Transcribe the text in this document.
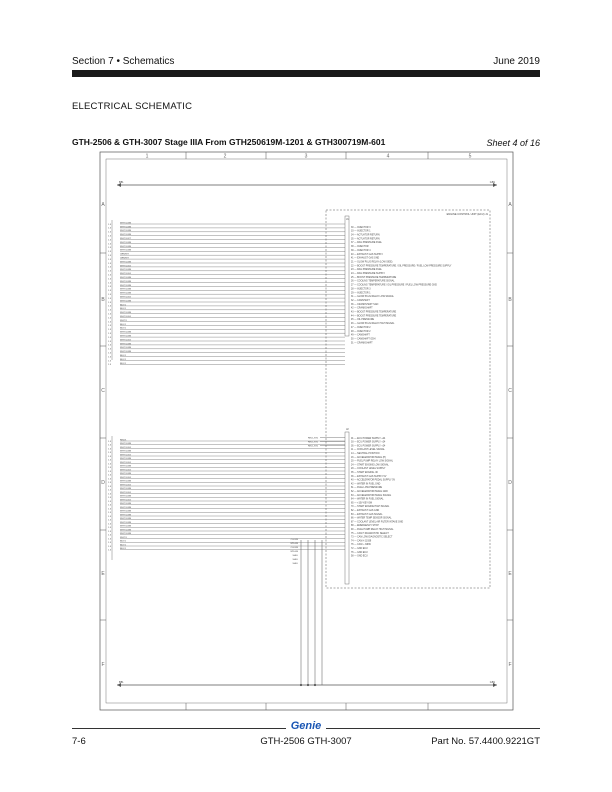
Section 7 • Schematics	June 2019
ELECTRICAL SCHEMATIC
GTH-2506 & GTH-3007 Stage IIIA From GTH250619M-1201 & GTH300719M-601	Sheet 4 of 16
1	2	3	4	5
A	A
B	B
C	C
D	D
E	E
F	F
B81	GB1
B81	GB1
ENGINE CONTROL UNIT (ECU) J1
J1
J2
1.5
WHT/1-WB
1.5
WHT/1-WB
1.5
WHT/1-WB
1.5
WHT/1-WB
1.5
WHT/1-WT
1.5
WHT/1-WB
1.5
WHT/1-WB
1.5
WHT/1-WB
1.5
GRN/WT
1.5
GRN/WT
1.5
WHT/1-WB
1.5
WHT/1-W4
1.5
WHT/1-WB
1.5
WHT/1-W4
1.5
WHT/1-WB
1.5
WHT/1-WB
1.5
WHT/1-WB
1.5
WHT/1-WB
1.5
WHT/1-WB
1.5
WHT/1-W4
1.5
WHT/1-WB
1.5
BLK/1
1.5
BLK/1
1.5
WHT/1-WB
1.5
WHT/1-W4
1.5
WHT/1
1.5
BLK/1
1.5
BLK/1
1.5
WHT/1-WB
1.5
WHT/1-WB
1.5
WHT/1-W4
1.5
WHT/1-WB
1.5
WHT/1-WB
1.5
WHT/1-WB
1.5
BLK/1
1.5
BLK/1
1.5
BLK/1
30 — INJECTOR 3
33 — INJECTOR 1
34 — ACTUATOR RETURN
35 — ACTUATOR RETURN
37 — RAIL PRESSURE FUEL
38 — INJECTOR
39 — INJECTOR 4
40 — EXHAUST GAS SUPPLY
41 — EXHAUST GAS GND
21 — GLOW PLUG RELAY (LOW SIDE)
22 — BOOST PRESSURE TEMPERATURE / OIL PRESSURE / FUEL LOW PRESSURE SUPPLY
23 — RAIL PRESSURE FUEL
24 — RAIL PRESSURE SUPPLY
25 — BOOST PRESSURE TEMPERATURE
26 — COOLING TEMPERATURE SIGNAL
27 — COOLING TEMPERATURE / OIL PRESSURE / FUEL LOW PRESSURE GND
28 — INJECTOR 3
29 — INJECTOR 1
31 — GLOW PLUG RELAY LOW SIGNAL
32 — CAMSHAFT
36 — CRANKSHAFT SGN
42 — CRANKSHAFT
43 — BOOST PRESSURE TEMPERATURE
44 — BOOST PRESSURE TEMPERATURE
45 — OIL PRESSURE
46 — GLOW PLUG RELAY HIGH SIGNAL
47 — INJECTOR 2
48 — INJECTOR 2
49 — CAMSHAFT
50 — CAMSHAFT GDH
51 — CRANKSHAFT
1.5
RED/1
1.5
WHT/1-WB
1.5
WHT/1-W4
1.5
WHT/1-WB
1.5
WHT/1-W4
1.5
WHT/1-WB
1.5
WHT/1-W4
1.5
WHT/1-WB
1.5
WHT/1-W4
1.5
WHT/1-WB
1.5
WHT/1-W4
1.5
WHT/1-WB
1.5
WHT/1-W4
1.5
WHT/1-WB
1.5
WHT/1-W4
1.5
WHT/1-WB
1.5
WHT/1-W4
1.5
WHT/1-WB
1.5
WHT/1-WB
1.5
WHT/1-WB
1.5
WHT/1-WB
1.5
WHT/1-WB
1.5
WHT/1-WB
1.5
WHT/1-WB
1.5
WHT/1-WB
1.5
WHT/1-WB
1.5
WHT/1
1.5
BLK/1
1.5
BLK/1
1.5
BLK/1
01 — ECU POWER SUPPLY +24
03 — ECU POWER SUPPLY +24
05 — ECU POWER SUPPLY +24
11 — COOLANT LEVEL SIGNAL
14 — NEUTRAL POSITION
16 — ACCELERATOR PEDAL (H)
20 — FUEL PUMP RELAY LOW SIGNAL
24 — START ENGINE LOW SIGNAL
29 — COOLANT LEVEL SUPPLY
35 — START ENGINE -30
36 — EXHAUST GAS SUPPLY 5V
40 — ACCELERATOR PEDAL SUPPLY 5V
42 — WATER IN FUEL GND
61 — FUEL LOW PRESSURE
62 — ACCELERATOR PEDAL GND
63 — ACCELERATOR PEDAL SIGNAL
64 — WATER IN FUEL SIGNAL
65 — +15V KEY-SW
70 — START ENGINE HIGH SIGNAL
82 — EXHAUST GAS GND
83 — EXHAUST GAS SIGNAL
86 — WATER TEMP SENSOR SIGNAL
87 — COOLANT LEVEL AIR FILTER INTAKE GND
88 — EMERGENCY STOP
90 — FUEL PUMP RELAY HIGH SIGNAL
75 — CAN H DIAGNOSTIC SELECT
73 — CAN LOW DIAGNOSTIC SELECT
74 — CAN H J1939
76 — CAN L J1939
72 — GND ECU
76 — GND ECU
58 — GND ECU
REL1-F20
REL1-F20
REL1-F20
CLK-FB
SPD-FB
CLK-FB
SPD-FB
SHLD
SHLD
SHLD
Genie
7-6	GTH-2506 GTH-3007	Part No. 57.4400.9221GT
